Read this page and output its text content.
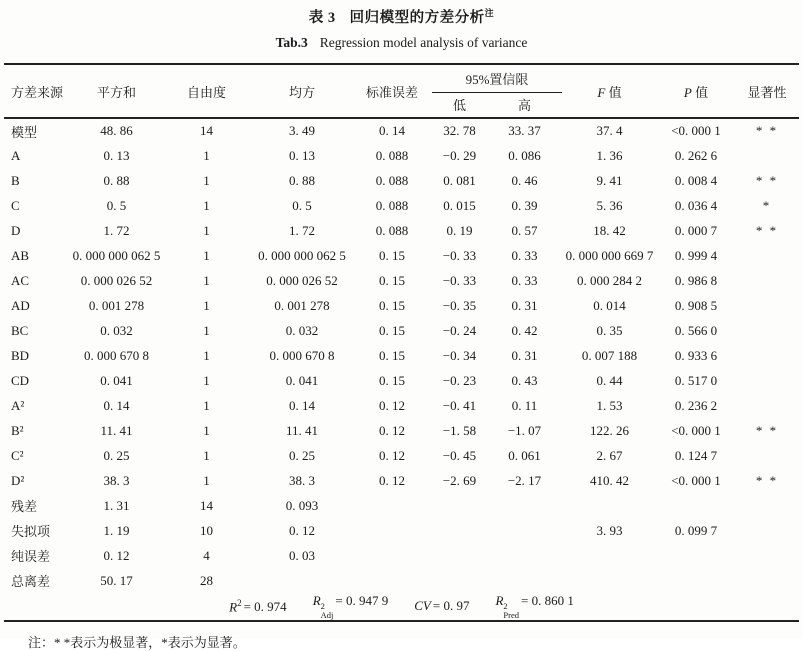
表 3 回归模型的方差分析$^注$
Tab.3 Regression model analysis of variance
方差来源	平方和	自由度	均方	标准误差	95%置信限		F 值	P 值	显著性
					低	高			
模型	48. 86	14	3. 49	0. 14	32. 78	33. 37	37. 4	<0. 000 1	* *
A	0. 13	1	0. 13	0. 088	−0. 29	0. 086	1. 36	0. 262 6	
B	0. 88	1	0. 88	0. 088	0. 081	0. 46	9. 41	0. 008 4	* *
C	0. 5	1	0. 5	0. 088	0. 015	0. 39	5. 36	0. 036 4	*
D	1. 72	1	1. 72	0. 088	0. 19	0. 57	18. 42	0. 000 7	* *
AB	0. 000 000 062 5	1	0. 000 000 062 5	0. 15	−0. 33	0. 33	0. 000 000 669 7	0. 999 4	
AC	0. 000 026 52	1	0. 000 026 52	0. 15	−0. 33	0. 33	0. 000 284 2	0. 986 8	
AD	0. 001 278	1	0. 001 278	0. 15	−0. 35	0. 31	0. 014	0. 908 5	
BC	0. 032	1	0. 032	0. 15	−0. 24	0. 42	0. 35	0. 566 0	
BD	0. 000 670 8	1	0. 000 670 8	0. 15	−0. 34	0. 31	0. 007 188	0. 933 6	
CD	0. 041	1	0. 041	0. 15	−0. 23	0. 43	0. 44	0. 517 0	
A²	0. 14	1	0. 14	0. 12	−0. 41	0. 11	1. 53	0. 236 2	
B²	11. 41	1	11. 41	0. 12	−1. 58	−1. 07	122. 26	<0. 000 1	* *
C²	0. 25	1	0. 25	0. 12	−0. 45	0. 061	2. 67	0. 124 7	
D²	38. 3	1	38. 3	0. 12	−2. 69	−2. 17	410. 42	<0. 000 1	* *
残差	1. 31	14	0. 093						
失拟项	1. 19	10	0. 12				3. 93	0. 099 7	
纯误差	0. 12	4	0. 03						
总离差	50. 17	28							

$R^2 = 0$. 974 R 2
Adj
= 0. 947 9 CV = 0. 97 R 2
Pred
= 0. 860 1
注：* *表示为极显著，*表示为显著。
